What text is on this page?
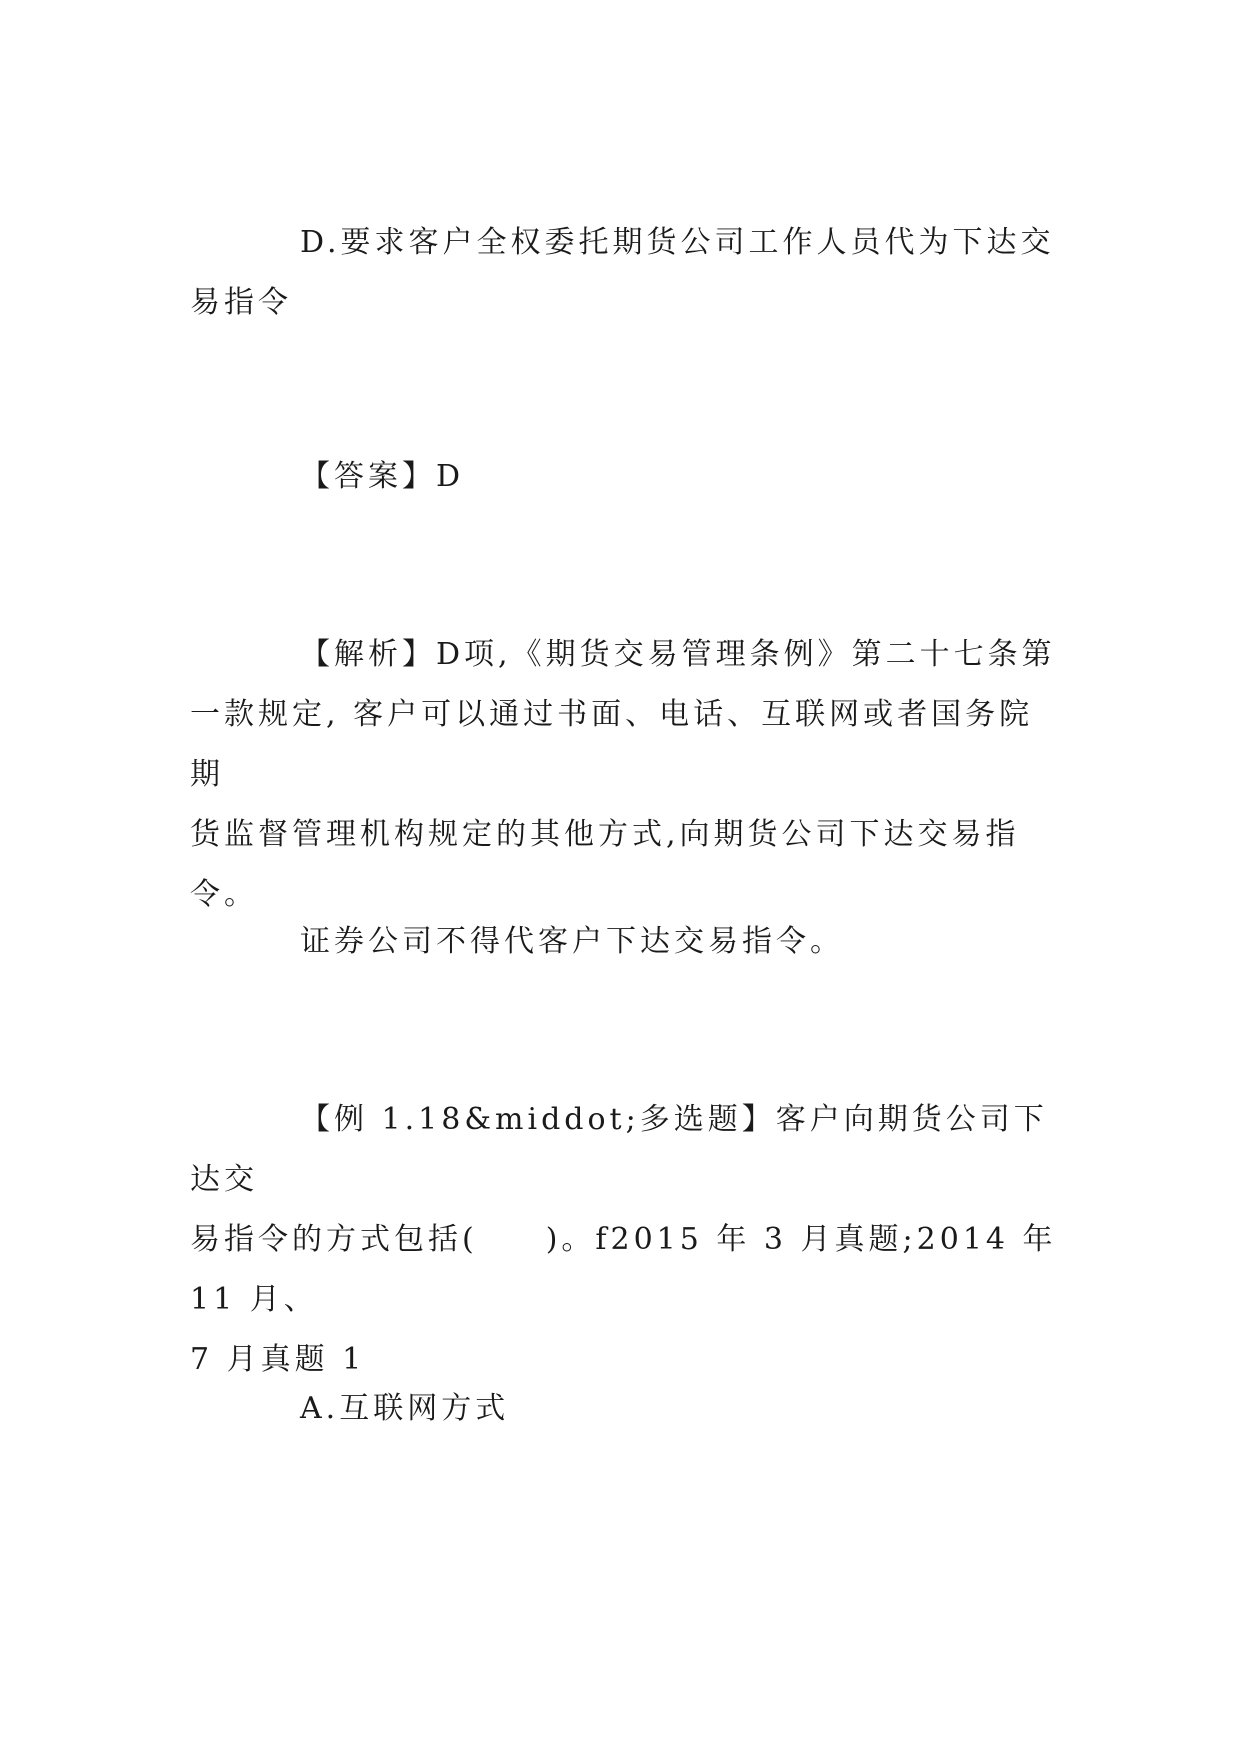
D.要求客户全权委托期货公司工作人员代为下达交
易指令

【答案】D

【解析】D项,《期货交易管理条例》第二十七条第
一款规定, 客户可以通过书面、电话、互联网或者国务院期
货监督管理机构规定的其他方式,向期货公司下达交易指令。

证券公司不得代客户下达交易指令。

【例 1.18&middot;多选题】客户向期货公司下达交
易指令的方式包括(　　)。f2015 年 3 月真题;2014 年 11 月、
7 月真题 1

A.互联网方式
